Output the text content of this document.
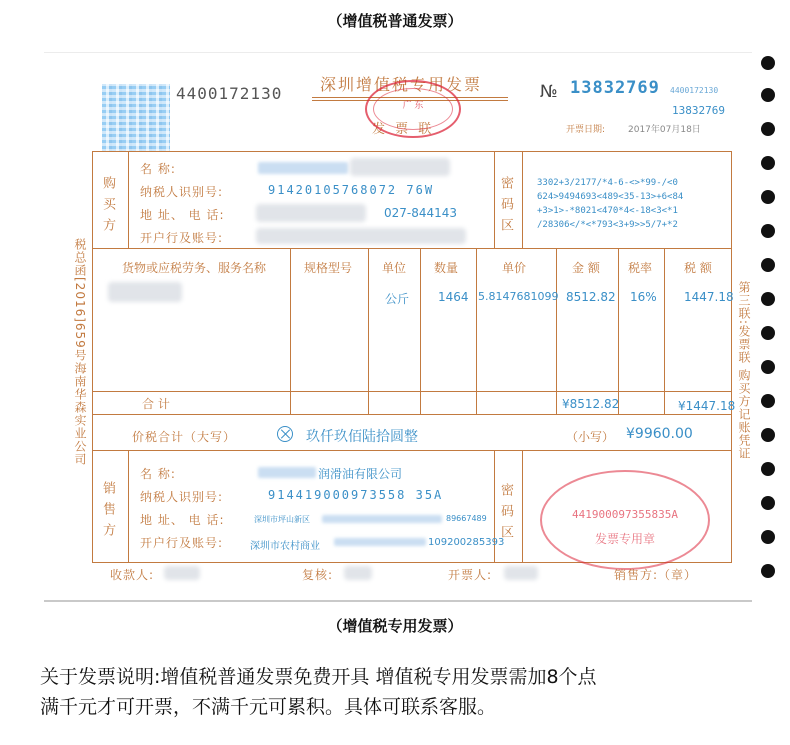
（增值税普通发票）
4400172130 深圳增值税专用发票
发 票 联
广 东
№ 13832769 4400172130
13832769
开票日期:	2017年07月18日
税总函[2016]659号海南华森实业公司	第三联:发票联 购买方记账凭证
购买方
名 称:
纳税人识别号:	91420105768072 76W
地 址、 电 话:	027-844143
开户行及账号:	密码区	3302+3/2177/*4-6-<>*99-/<0
624>9494693<489<35-13>+6<84
+3>1>-*8021<470*4<-18<3<*1
/28306</*<*793<3+9>>5/7+*2
货物或应税劳务、服务名称	规格型号 单位 数量	单价	金 额 税率	税 额
公斤 1464 5.8147681099 8512.82 16% 1447.18
合 计	¥8512.82	¥1447.18
价税合计（大写）	玖仟玖佰陆拾圆整	（小写） ¥9960.00
销售方
名 称:	润滑油有限公司
纳税人识别号:	914419000973558 35A
地 址、 电 话:	深圳市坪山新区	89667489
开户行及账号:	深圳市农村商业	109200285393
密码区	441900097355835A
发票专用章
收款人:	复核:	开票人:	销售方:（章）
（增值税专用发票）
关于发票说明:增值税普通发票免费开具 增值税专用发票需加8个点
满千元才可开票，不满千元可累积。具体可联系客服。
